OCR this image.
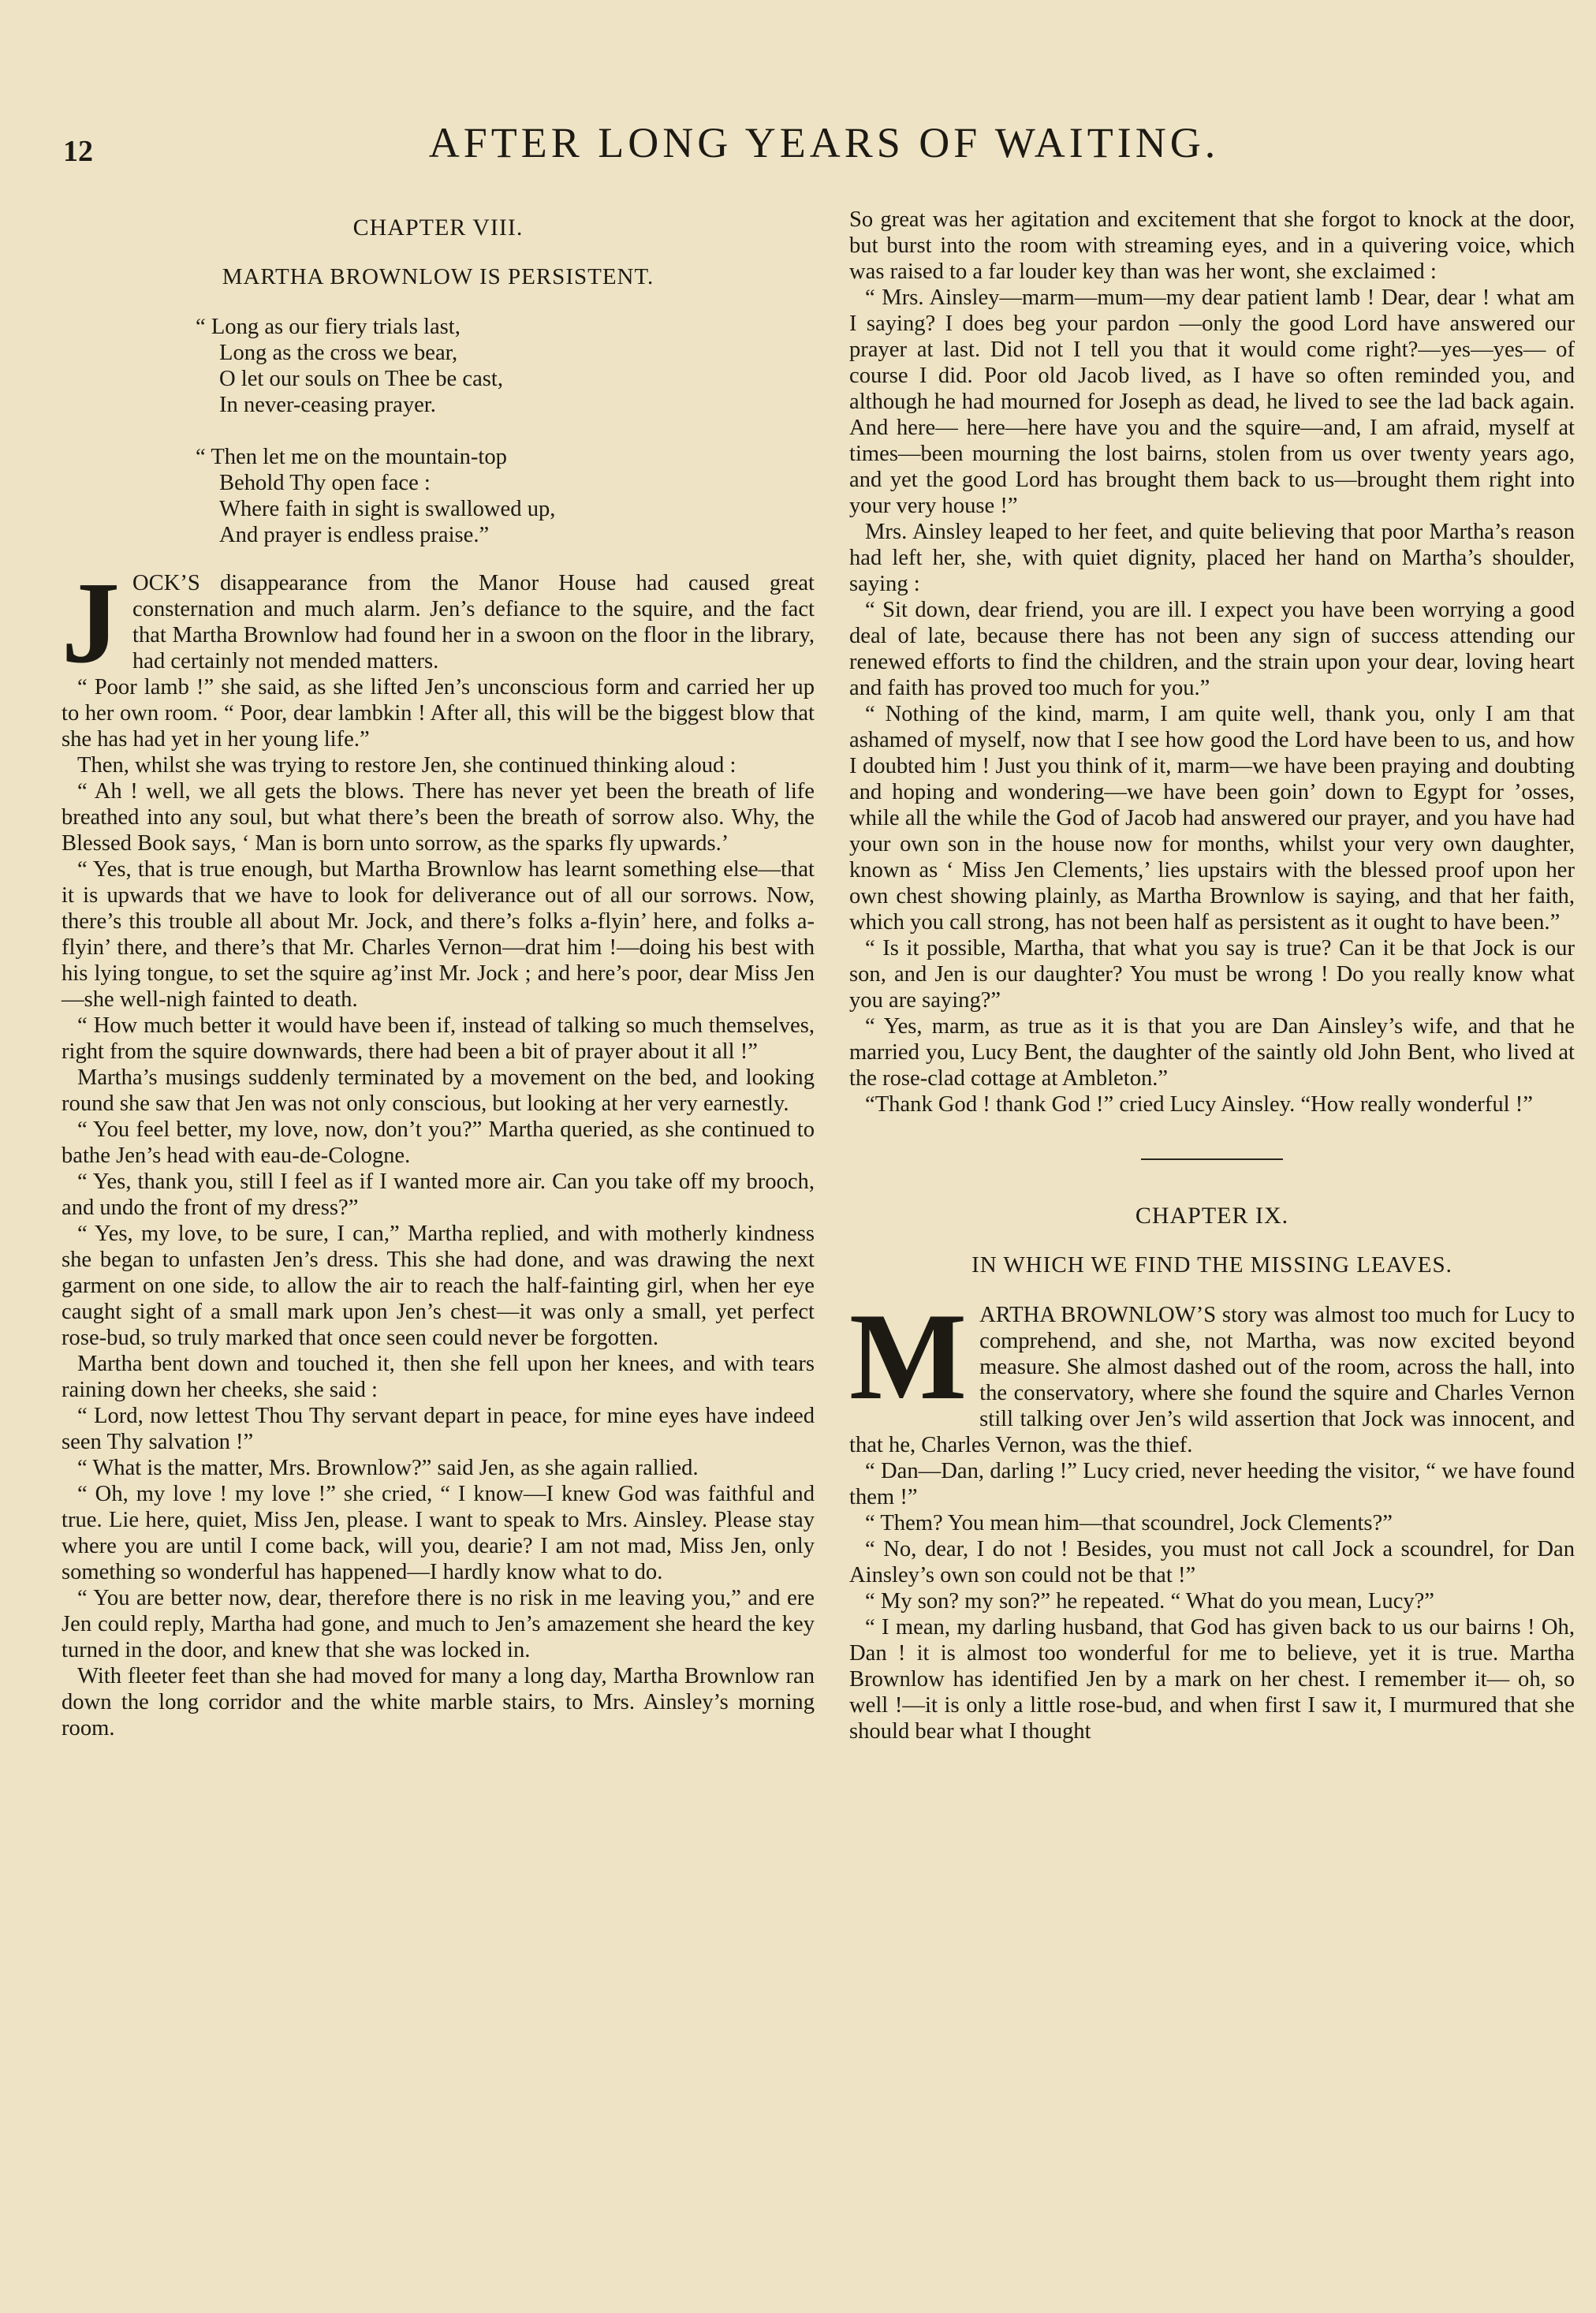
12	AFTER LONG YEARS OF WAITING.

CHAPTER VIII.

MARTHA BROWNLOW IS PERSISTENT.

“ Long as our fiery trials last,
Long as the cross we bear,
O let our souls on Thee be cast,
In never-ceasing prayer.
“ Then let me on the mountain-top
Behold Thy open face :
Where faith in sight is swallowed up,
And prayer is endless praise.”

JOCK’S disappearance from the Manor House had caused great consternation and much alarm. Jen’s defiance to the squire, and the fact that Martha Brownlow had found her in a swoon on the floor in the library, had certainly not mended matters.

“ Poor lamb !” she said, as she lifted Jen’s unconscious form and carried her up to her own room. “ Poor, dear lambkin ! After all, this will be the biggest blow that she has had yet in her young life.”

Then, whilst she was trying to restore Jen, she continued thinking aloud :

“ Ah ! well, we all gets the blows. There has never yet been the breath of life breathed into any soul, but what there’s been the breath of sorrow also. Why, the Blessed Book says, ‘ Man is born unto sorrow, as the sparks fly upwards.’

“ Yes, that is true enough, but Martha Brownlow has learnt something else—that it is upwards that we have to look for deliverance out of all our sorrows. Now, there’s this trouble all about Mr. Jock, and there’s folks a-flyin’ here, and folks a-flyin’ there, and there’s that Mr. Charles Vernon—drat him !—doing his best with his lying tongue, to set the squire ag’inst Mr. Jock ; and here’s poor, dear Miss Jen—she well-nigh fainted to death.

“ How much better it would have been if, instead of talking so much themselves, right from the squire downwards, there had been a bit of prayer about it all !”

Martha’s musings suddenly terminated by a movement on the bed, and looking round she saw that Jen was not only conscious, but looking at her very earnestly.

“ You feel better, my love, now, don’t you?” Martha queried, as she continued to bathe Jen’s head with eau-de-Cologne.

“ Yes, thank you, still I feel as if I wanted more air. Can you take off my brooch, and undo the front of my dress?”

“ Yes, my love, to be sure, I can,” Martha replied, and with motherly kindness she began to unfasten Jen’s dress. This she had done, and was drawing the next garment on one side, to allow the air to reach the half-fainting girl, when her eye caught sight of a small mark upon Jen’s chest—it was only a small, yet perfect rose-bud, so truly marked that once seen could never be forgotten.

Martha bent down and touched it, then she fell upon her knees, and with tears raining down her cheeks, she said :

“ Lord, now lettest Thou Thy servant depart in peace, for mine eyes have indeed seen Thy salvation !”

“ What is the matter, Mrs. Brownlow?” said Jen, as she again rallied.

“ Oh, my love ! my love !” she cried, “ I know—I knew God was faithful and true. Lie here, quiet, Miss Jen, please. I want to speak to Mrs. Ainsley. Please stay where you are until I come back, will you, dearie? I am not mad, Miss Jen, only something so wonderful has happened—I hardly know what to do.

“ You are better now, dear, therefore there is no risk in me leaving you,” and ere Jen could reply, Martha had gone, and much to Jen’s amazement she heard the key turned in the door, and knew that she was locked in.

With fleeter feet than she had moved for many a long day, Martha Brownlow ran down the long corridor and the white marble stairs, to Mrs. Ainsley’s morning room.

So great was her agitation and excitement that she forgot to knock at the door, but burst into the room with streaming eyes, and in a quivering voice, which was raised to a far louder key than was her wont, she exclaimed :

“ Mrs. Ainsley—marm—mum—my dear patient lamb ! Dear, dear ! what am I saying? I does beg your pardon —only the good Lord have answered our prayer at last. Did not I tell you that it would come right?—yes—yes— of course I did. Poor old Jacob lived, as I have so often reminded you, and although he had mourned for Joseph as dead, he lived to see the lad back again. And here— here—here have you and the squire—and, I am afraid, myself at times—been mourning the lost bairns, stolen from us over twenty years ago, and yet the good Lord has brought them back to us—brought them right into your very house !”

Mrs. Ainsley leaped to her feet, and quite believing that poor Martha’s reason had left her, she, with quiet dignity, placed her hand on Martha’s shoulder, saying :

“ Sit down, dear friend, you are ill. I expect you have been worrying a good deal of late, because there has not been any sign of success attending our renewed efforts to find the children, and the strain upon your dear, loving heart and faith has proved too much for you.”

“ Nothing of the kind, marm, I am quite well, thank you, only I am that ashamed of myself, now that I see how good the Lord have been to us, and how I doubted him ! Just you think of it, marm—we have been praying and doubting and hoping and wondering—we have been goin’ down to Egypt for ’osses, while all the while the God of Jacob had answered our prayer, and you have had your own son in the house now for months, whilst your very own daughter, known as ‘ Miss Jen Clements,’ lies upstairs with the blessed proof upon her own chest showing plainly, as Martha Brownlow is saying, and that her faith, which you call strong, has not been half as persistent as it ought to have been.”

“ Is it possible, Martha, that what you say is true? Can it be that Jock is our son, and Jen is our daughter? You must be wrong ! Do you really know what you are saying?”

“ Yes, marm, as true as it is that you are Dan Ainsley’s wife, and that he married you, Lucy Bent, the daughter of the saintly old John Bent, who lived at the rose-clad cottage at Ambleton.”

“Thank God ! thank God !” cried Lucy Ainsley. “How really wonderful !”

CHAPTER IX.

IN WHICH WE FIND THE MISSING LEAVES.

MARTHA BROWNLOW’S story was almost too much for Lucy to comprehend, and she, not Martha, was now excited beyond measure. She almost dashed out of the room, across the hall, into the conservatory, where she found the squire and Charles Vernon still talking over Jen’s wild assertion that Jock was innocent, and that he, Charles Vernon, was the thief.

“ Dan—Dan, darling !” Lucy cried, never heeding the visitor, “ we have found them !”

“ Them? You mean him—that scoundrel, Jock Clements?”

“ No, dear, I do not ! Besides, you must not call Jock a scoundrel, for Dan Ainsley’s own son could not be that !”

“ My son? my son?” he repeated. “ What do you mean, Lucy?”

“ I mean, my darling husband, that God has given back to us our bairns ! Oh, Dan ! it is almost too wonderful for me to believe, yet it is true. Martha Brownlow has identified Jen by a mark on her chest. I remember it— oh, so well !—it is only a little rose-bud, and when first I saw it, I murmured that she should bear what I thought
